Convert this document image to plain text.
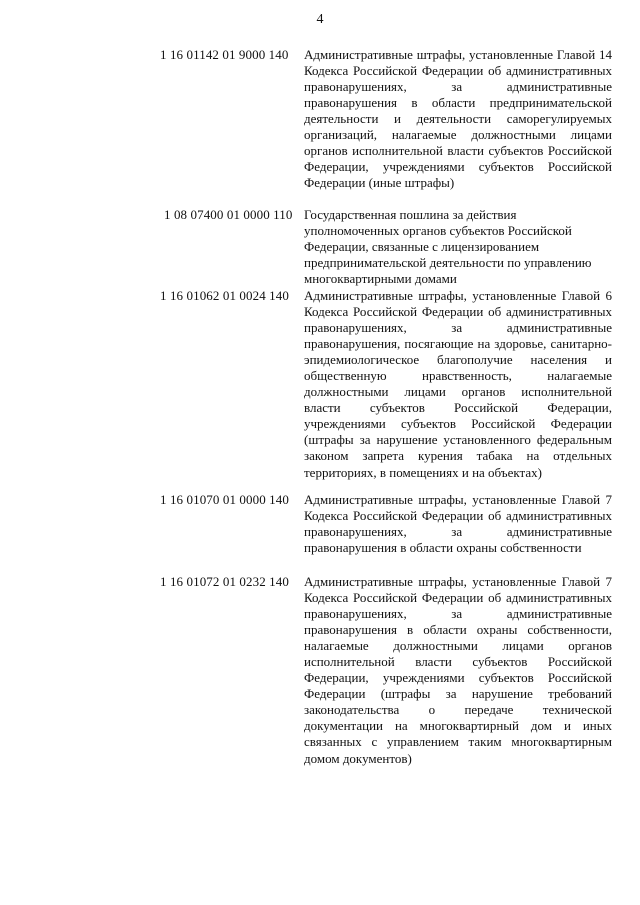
4
1 16 01142 01 9000 140 Административные штрафы, установленные Главой 14 Кодекса Российской Федерации об административных правонарушениях, за административные правонарушения в области предпринимательской деятельности и деятельности саморегулируемых организаций, налагаемые должностными лицами органов исполнительной власти субъектов Российской Федерации, учреждениями субъектов Российской Федерации (иные штрафы)
1 08 07400 01 0000 110 Государственная пошлина за действия уполномоченных органов субъектов Российской Федерации, связанные с лицензированием предпринимательской деятельности по управлению многоквартирными домами
1 16 01062 01 0024 140 Административные штрафы, установленные Главой 6 Кодекса Российской Федерации об административных правонарушениях, за административные правонарушения, посягающие на здоровье, санитарно-эпидемиологическое благополучие населения и общественную нравственность, налагаемые должностными лицами органов исполнительной власти субъектов Российской Федерации, учреждениями субъектов Российской Федерации (штрафы за нарушение установленного федеральным законом запрета курения табака на отдельных территориях, в помещениях и на объектах)
1 16 01070 01 0000 140 Административные штрафы, установленные Главой 7 Кодекса Российской Федерации об административных правонарушениях, за административные правонарушения в области охраны собственности
1 16 01072 01 0232 140 Административные штрафы, установленные Главой 7 Кодекса Российской Федерации об административных правонарушениях, за административные правонарушения в области охраны собственности, налагаемые должностными лицами органов исполнительной власти субъектов Российской Федерации, учреждениями субъектов Российской Федерации (штрафы за нарушение требований законодательства о передаче технической документации на многоквартирный дом и иных связанных с управлением таким многоквартирным домом документов)
